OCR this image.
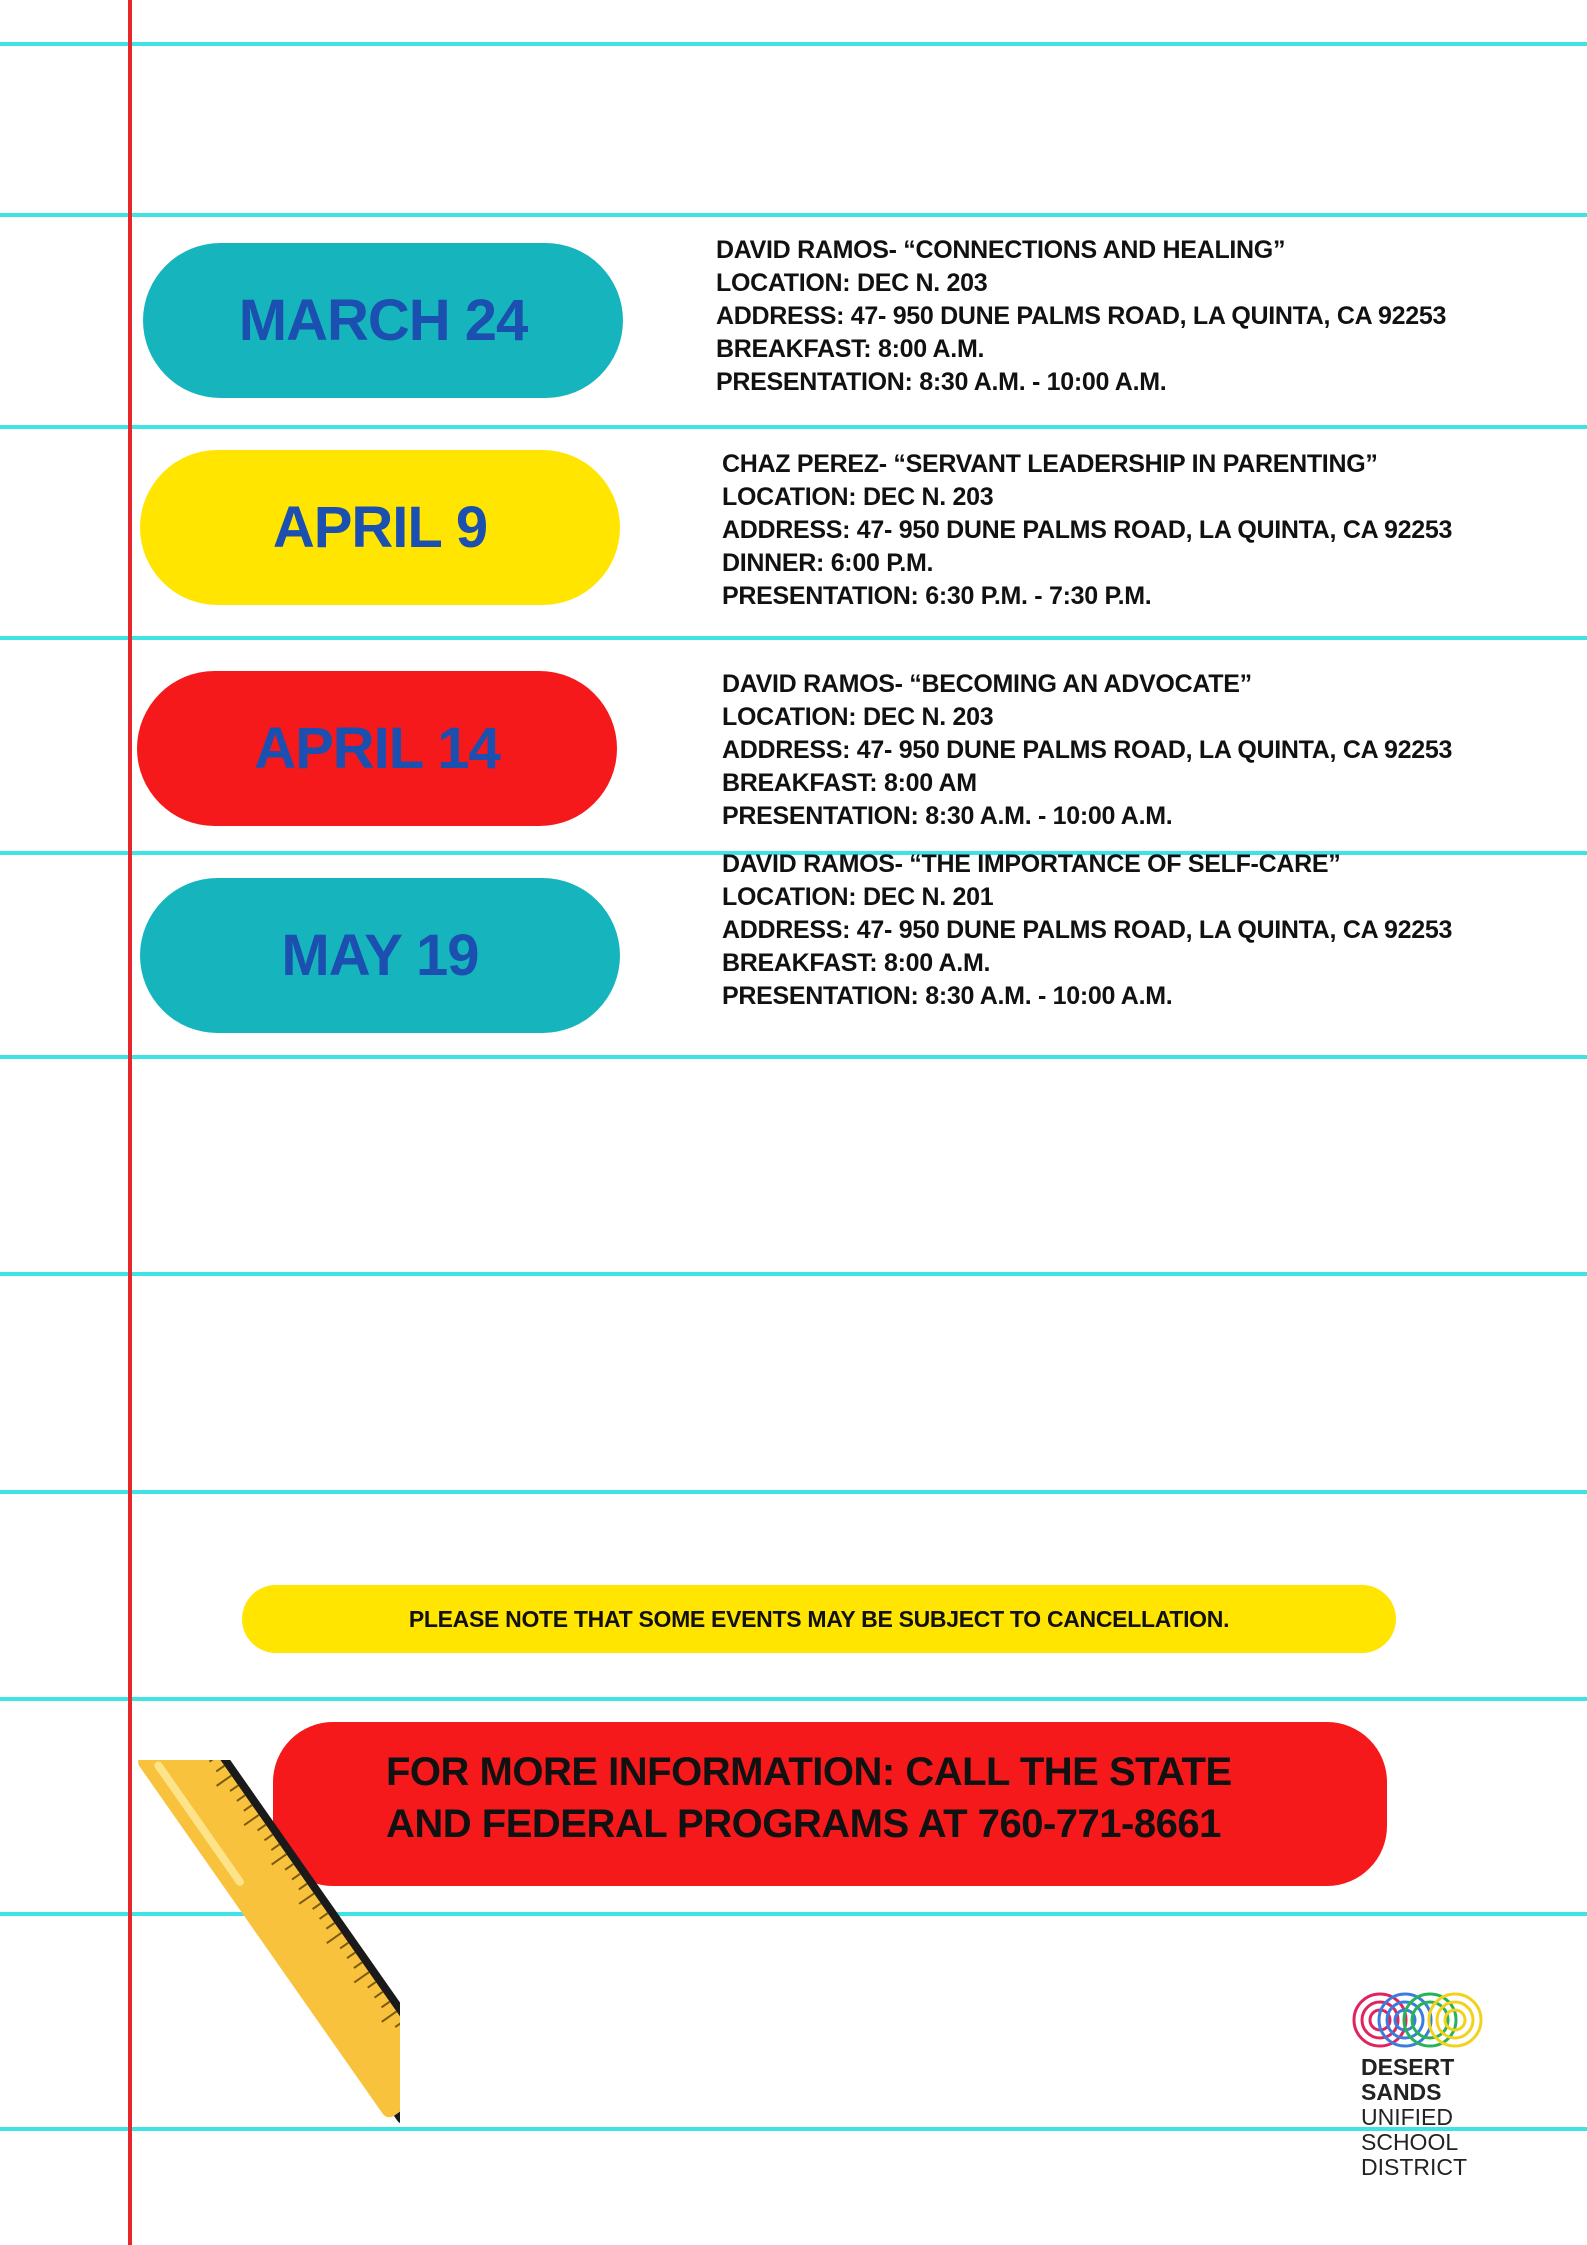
MARCH 24
DAVID RAMOS- “CONNECTIONS AND HEALING”
LOCATION: DEC N. 203
ADDRESS: 47- 950 DUNE PALMS ROAD, LA QUINTA, CA 92253
BREAKFAST: 8:00 A.M.
PRESENTATION: 8:30 A.M. - 10:00 A.M.
APRIL 9
CHAZ PEREZ- “SERVANT LEADERSHIP IN PARENTING”
LOCATION: DEC N. 203
ADDRESS: 47- 950 DUNE PALMS ROAD, LA QUINTA, CA 92253
DINNER: 6:00 P.M.
PRESENTATION: 6:30 P.M. - 7:30 P.M.
APRIL 14
DAVID RAMOS- “BECOMING AN ADVOCATE”
LOCATION: DEC N. 203
ADDRESS: 47- 950 DUNE PALMS ROAD, LA QUINTA, CA 92253
BREAKFAST: 8:00 AM
PRESENTATION: 8:30 A.M. - 10:00 A.M.
MAY 19
DAVID RAMOS- “THE IMPORTANCE OF SELF-CARE”
LOCATION: DEC N. 201
ADDRESS: 47- 950 DUNE PALMS ROAD, LA QUINTA, CA 92253
BREAKFAST: 8:00 A.M.
PRESENTATION: 8:30 A.M. - 10:00 A.M.
PLEASE NOTE THAT SOME EVENTS MAY BE SUBJECT TO CANCELLATION.
FOR MORE INFORMATION: CALL THE STATE
AND FEDERAL PROGRAMS AT 760-771-8661
DESERT
SANDS
UNIFIED
SCHOOL
DISTRICT
